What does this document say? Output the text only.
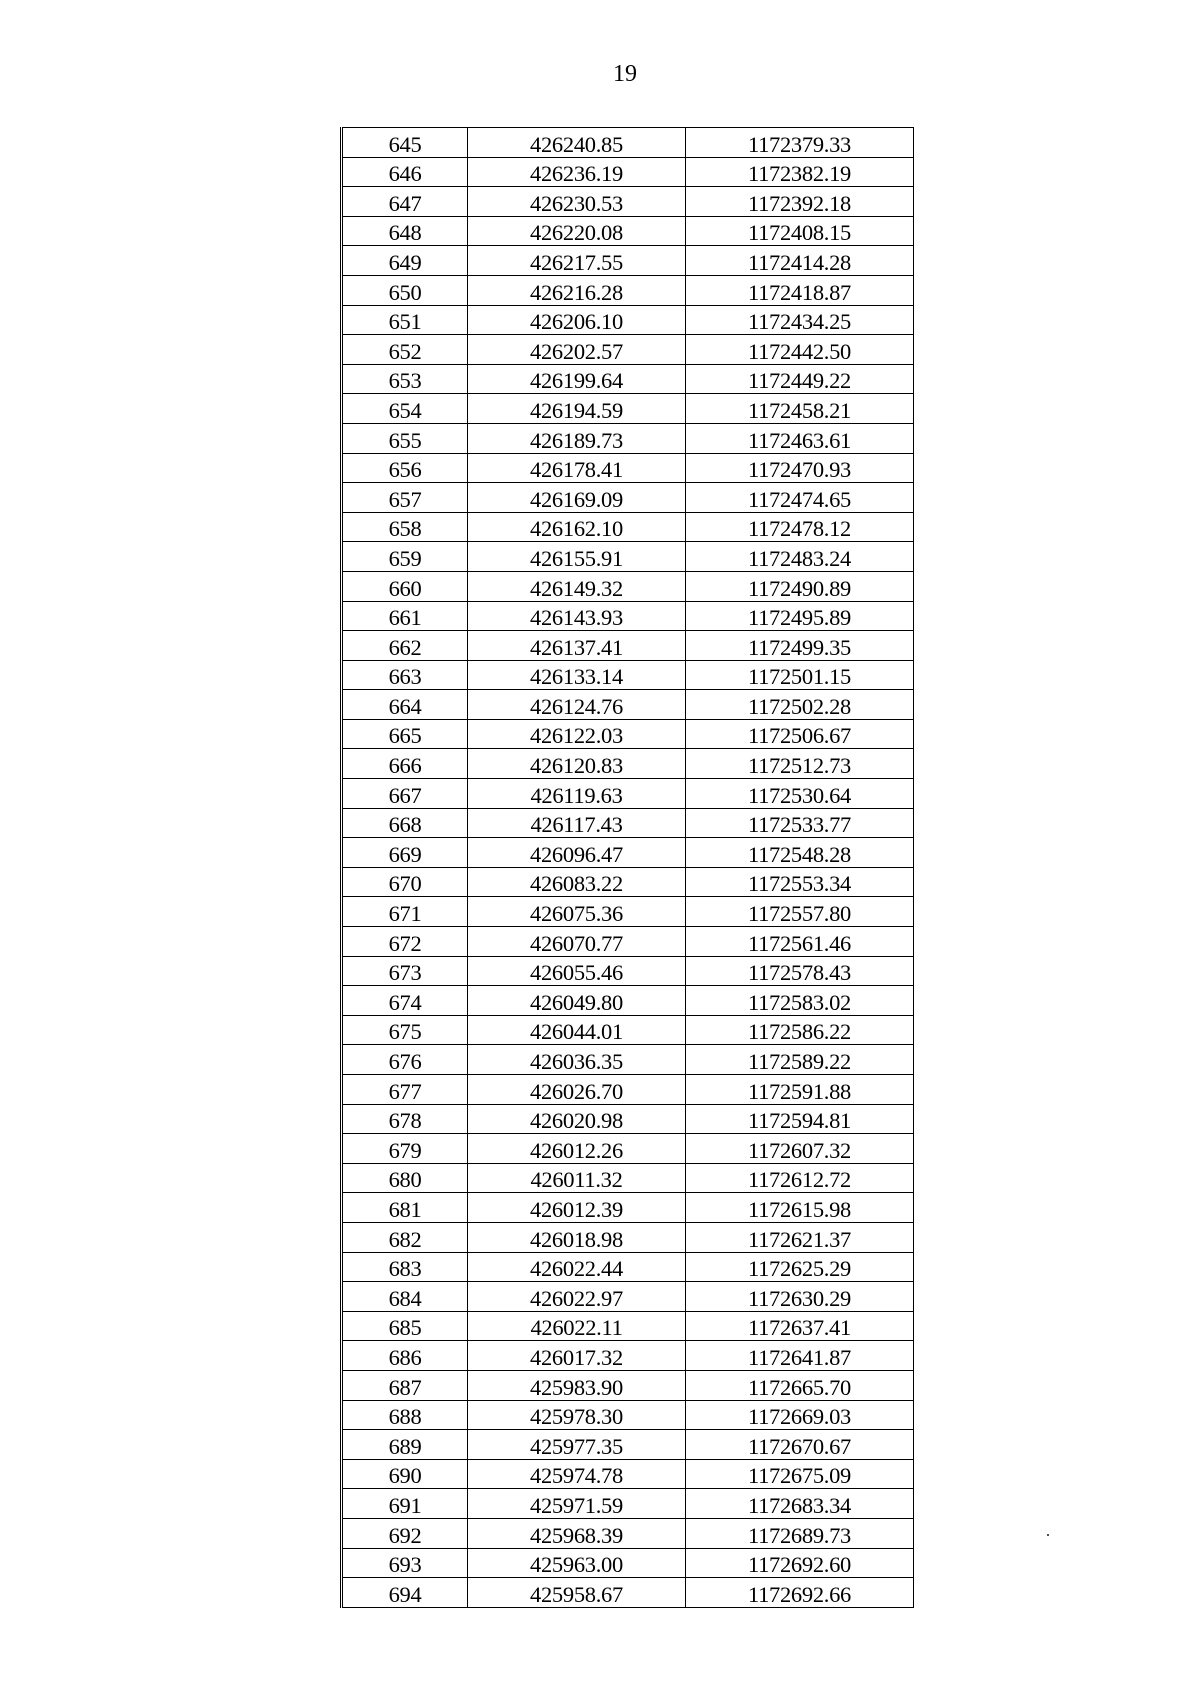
19
645	426240.85	1172379.33
646	426236.19	1172382.19
647	426230.53	1172392.18
648	426220.08	1172408.15
649	426217.55	1172414.28
650	426216.28	1172418.87
651	426206.10	1172434.25
652	426202.57	1172442.50
653	426199.64	1172449.22
654	426194.59	1172458.21
655	426189.73	1172463.61
656	426178.41	1172470.93
657	426169.09	1172474.65
658	426162.10	1172478.12
659	426155.91	1172483.24
660	426149.32	1172490.89
661	426143.93	1172495.89
662	426137.41	1172499.35
663	426133.14	1172501.15
664	426124.76	1172502.28
665	426122.03	1172506.67
666	426120.83	1172512.73
667	426119.63	1172530.64
668	426117.43	1172533.77
669	426096.47	1172548.28
670	426083.22	1172553.34
671	426075.36	1172557.80
672	426070.77	1172561.46
673	426055.46	1172578.43
674	426049.80	1172583.02
675	426044.01	1172586.22
676	426036.35	1172589.22
677	426026.70	1172591.88
678	426020.98	1172594.81
679	426012.26	1172607.32
680	426011.32	1172612.72
681	426012.39	1172615.98
682	426018.98	1172621.37
683	426022.44	1172625.29
684	426022.97	1172630.29
685	426022.11	1172637.41
686	426017.32	1172641.87
687	425983.90	1172665.70
688	425978.30	1172669.03
689	425977.35	1172670.67
690	425974.78	1172675.09
691	425971.59	1172683.34
692	425968.39	1172689.73
693	425963.00	1172692.60
694	425958.67	1172692.66
